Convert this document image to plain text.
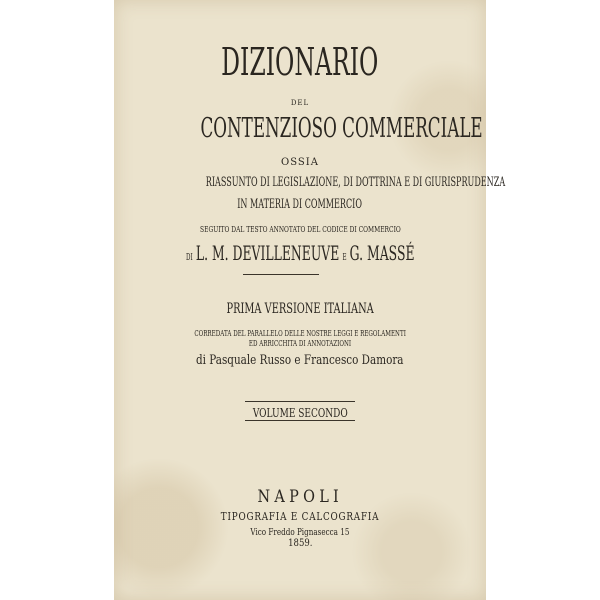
DIZIONARIO
DEL
CONTENZIOSO COMMERCIALE
OSSIA
RIASSUNTO DI LEGISLAZIONE, DI DOTTRINA E DI GIURISPRUDENZA
IN MATERIA DI COMMERCIO
SEGUITO DAL TESTO ANNOTATO DEL CODICE DI COMMERCIO
DI L. M. DEVILLENEUVE E G. MASSÉ
PRIMA VERSIONE ITALIANA
CORREDATA DEL PARALLELO DELLE NOSTRE LEGGI E REGOLAMENTI
ED ARRICCHITA DI ANNOTAZIONI
di Pasquale Russo e Francesco Damora
VOLUME SECONDO
NAPOLI
TIPOGRAFIA E CALCOGRAFIA
Vico Freddo Pignasecca 15
1859.
